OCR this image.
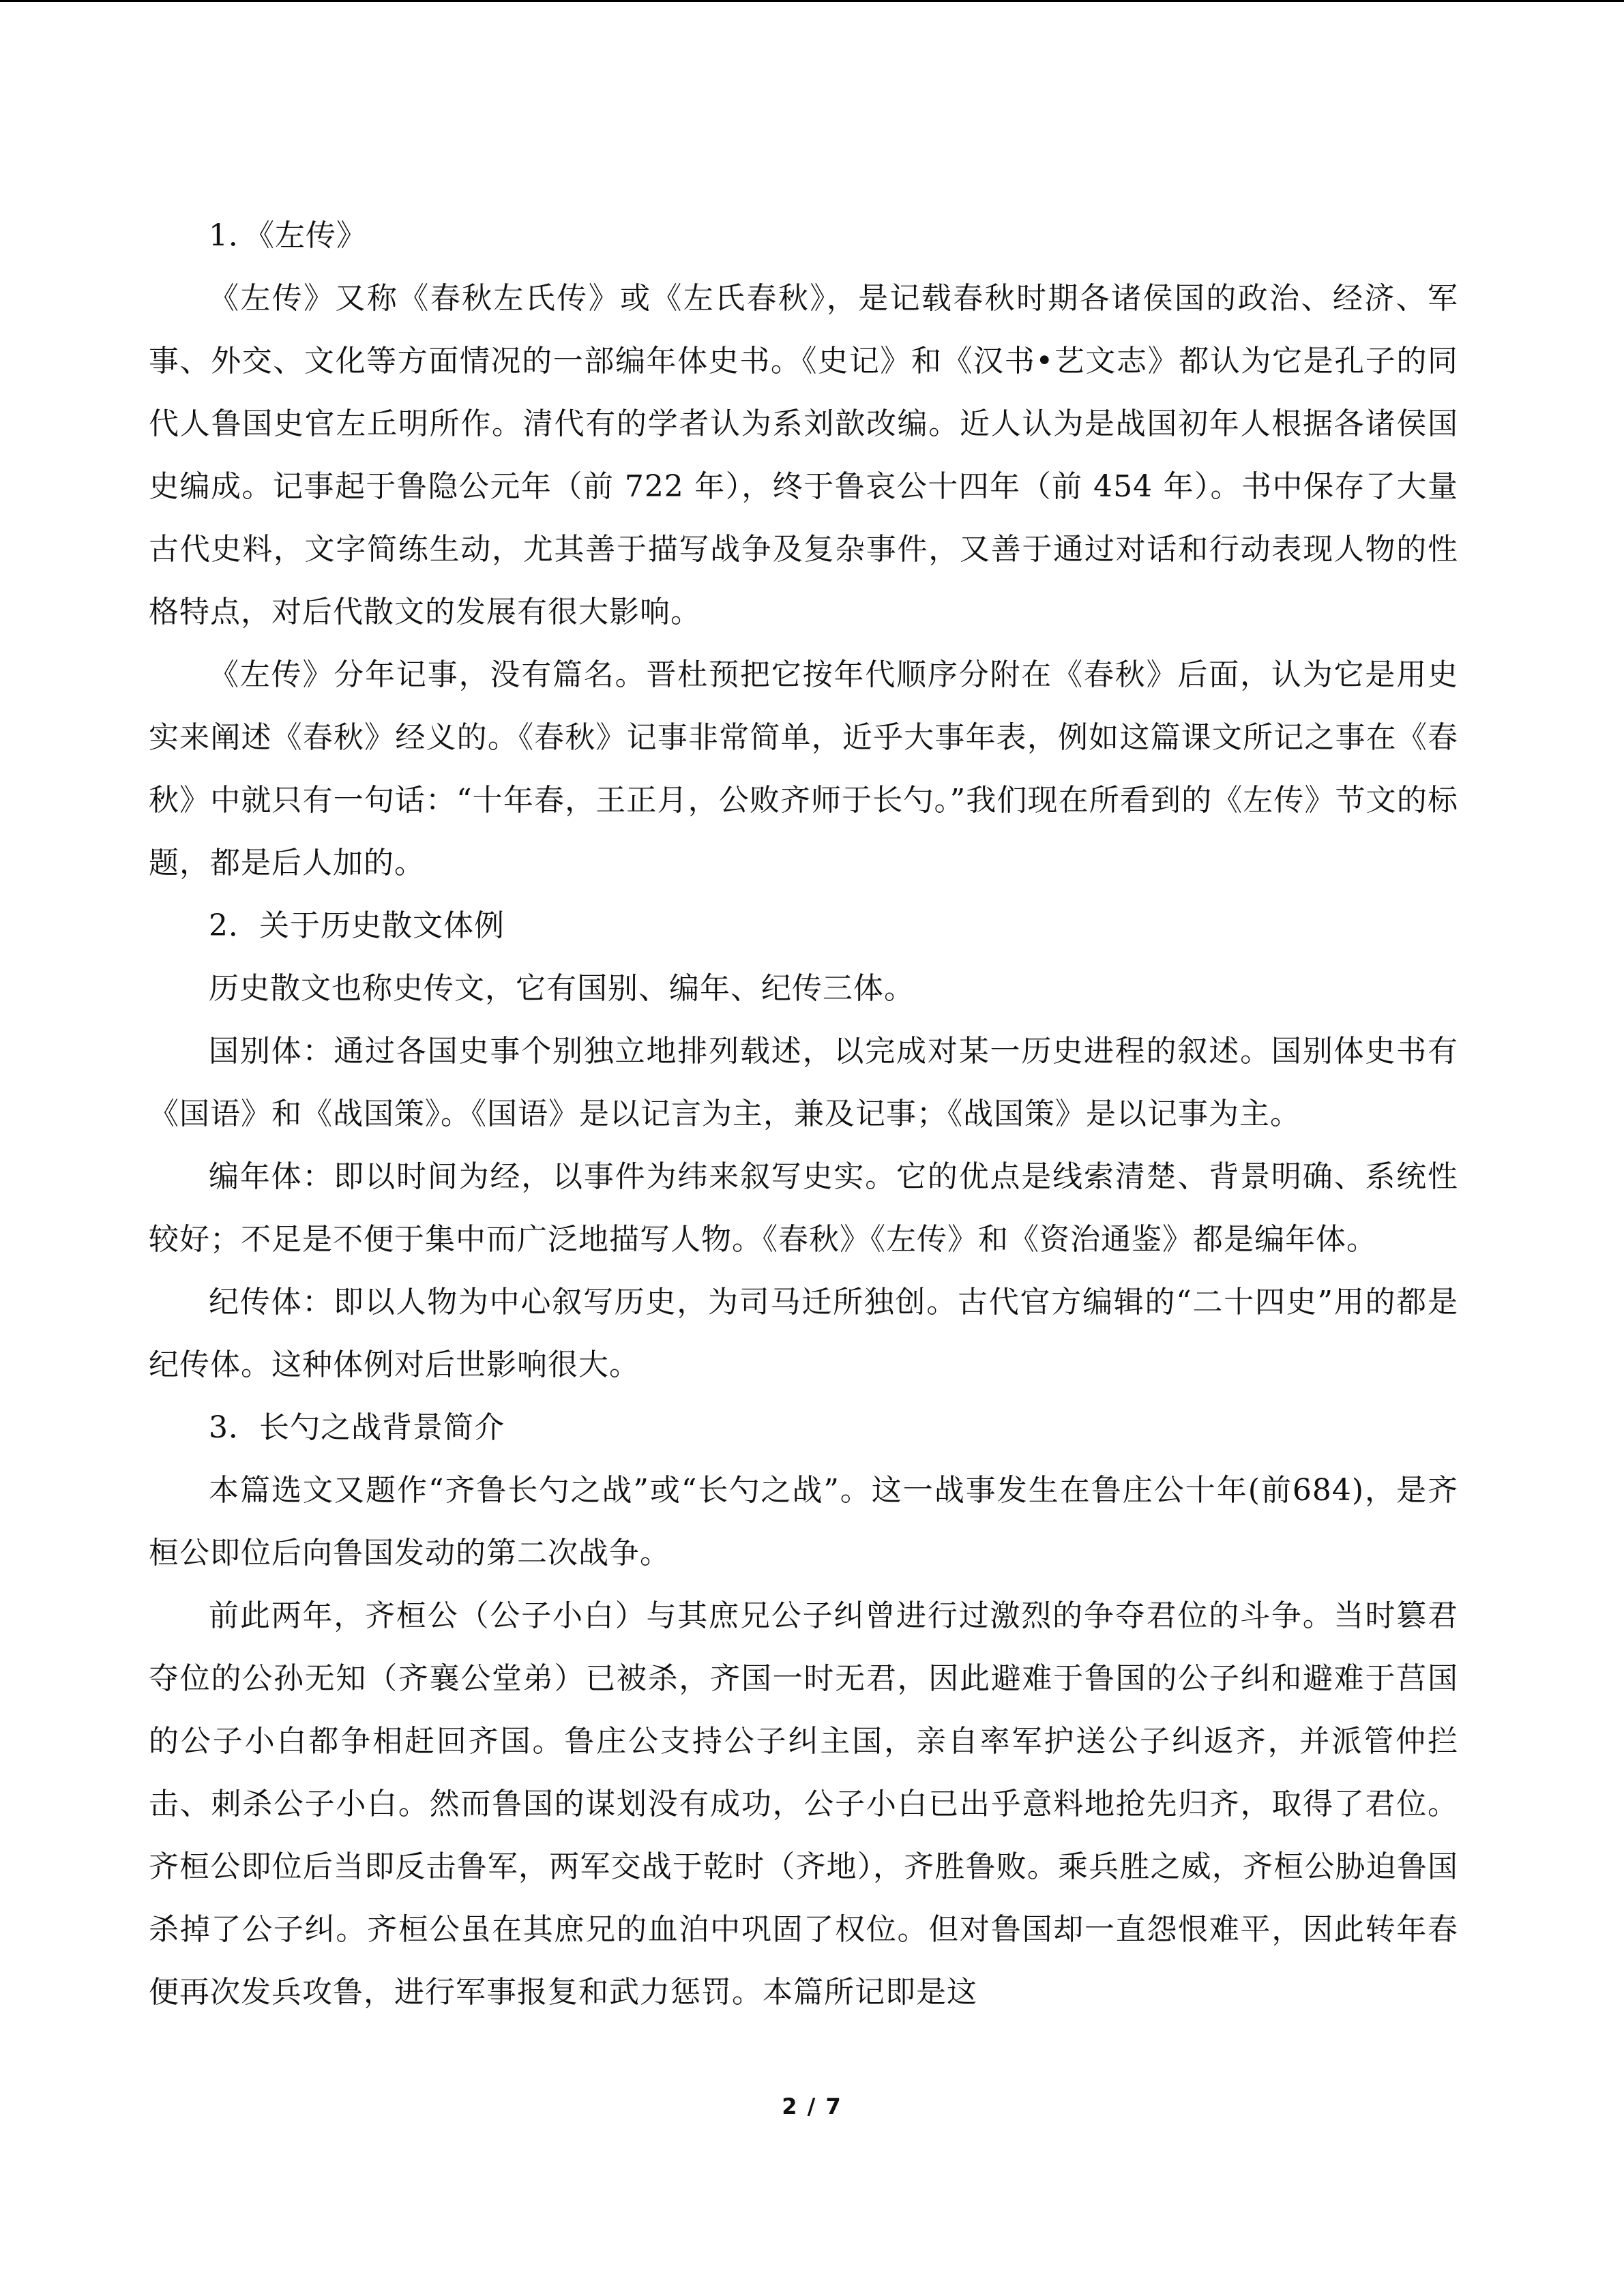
1．《左传》

《左传》又称《春秋左氏传》或《左氏春秋》，是记载春秋时期各诸侯国的政治、经济、军事、外交、文化等方面情况的一部编年体史书。《史记》和《汉书•艺文志》都认为它是孔子的同代人鲁国史官左丘明所作。清代有的学者认为系刘歆改编。近人认为是战国初年人根据各诸侯国史编成。记事起于鲁隐公元年（前 722 年），终于鲁哀公十四年（前 454 年）。书中保存了大量古代史料，文字简练生动，尤其善于描写战争及复杂事件，又善于通过对话和行动表现人物的性格特点，对后代散文的发展有很大影响。

《左传》分年记事，没有篇名。晋杜预把它按年代顺序分附在《春秋》后面，认为它是用史实来阐述《春秋》经义的。《春秋》记事非常简单，近乎大事年表，例如这篇课文所记之事在《春秋》中就只有一句话：“十年春，王正月，公败齐师于长勺。”我们现在所看到的《左传》节文的标题，都是后人加的。

2．关于历史散文体例

历史散文也称史传文，它有国别、编年、纪传三体。

国别体：通过各国史事个别独立地排列载述，以完成对某一历史进程的叙述。国别体史书有《国语》和《战国策》。《国语》是以记言为主，兼及记事；《战国策》是以记事为主。

编年体：即以时间为经，以事件为纬来叙写史实。它的优点是线索清楚、背景明确、系统性较好；不足是不便于集中而广泛地描写人物。《春秋》《左传》和《资治通鉴》都是编年体。

纪传体：即以人物为中心叙写历史，为司马迁所独创。古代官方编辑的“二十四史”用的都是纪传体。这种体例对后世影响很大。

3．长勺之战背景简介

本篇选文又题作“齐鲁长勺之战”或“长勺之战”。这一战事发生在鲁庄公十年(前684)，是齐桓公即位后向鲁国发动的第二次战争。

前此两年，齐桓公（公子小白）与其庶兄公子纠曾进行过激烈的争夺君位的斗争。当时篡君夺位的公孙无知（齐襄公堂弟）已被杀，齐国一时无君，因此避难于鲁国的公子纠和避难于莒国的公子小白都争相赶回齐国。鲁庄公支持公子纠主国，亲自率军护送公子纠返齐，并派管仲拦击、刺杀公子小白。然而鲁国的谋划没有成功，公子小白已出乎意料地抢先归齐，取得了君位。齐桓公即位后当即反击鲁军，两军交战于乾时（齐地），齐胜鲁败。乘兵胜之威，齐桓公胁迫鲁国杀掉了公子纠。齐桓公虽在其庶兄的血泊中巩固了权位。但对鲁国却一直怨恨难平，因此转年春便再次发兵攻鲁，进行军事报复和武力惩罚。本篇所记即是这

2 / 7
